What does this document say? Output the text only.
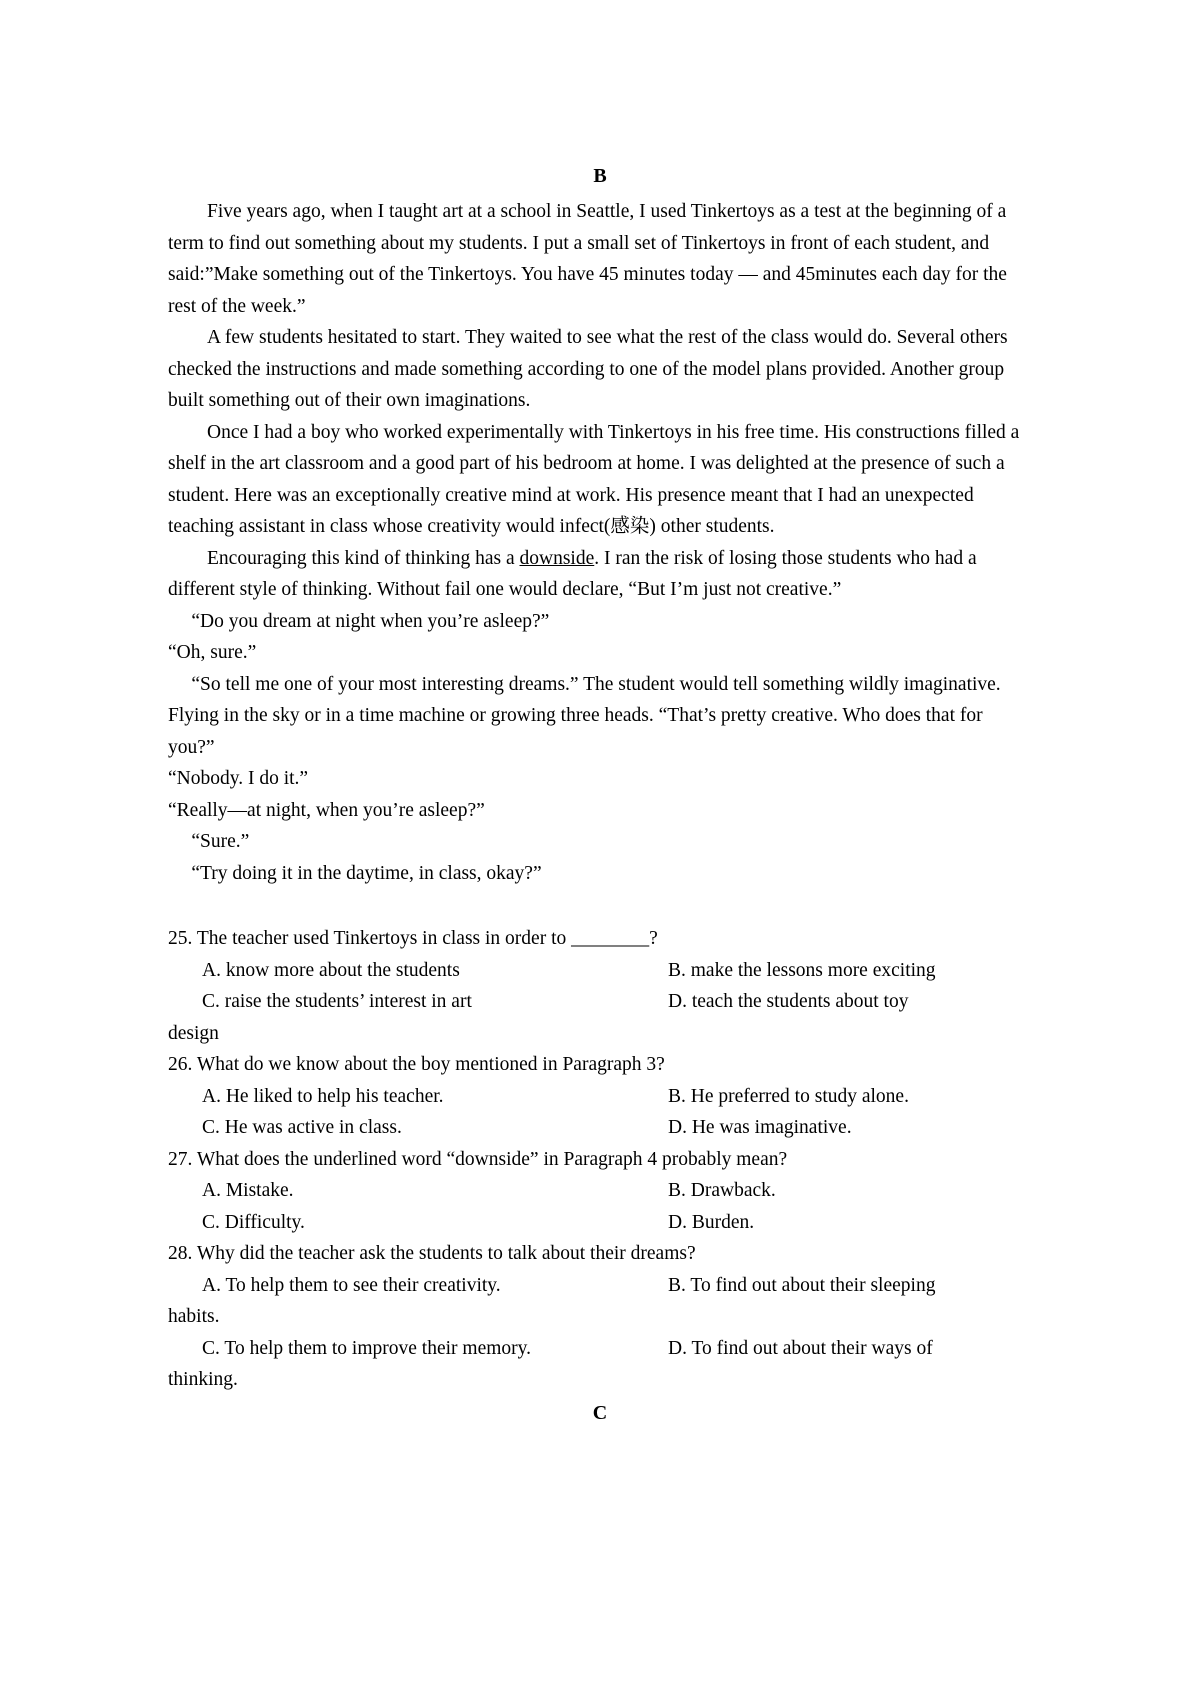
B

Five years ago, when I taught art at a school in Seattle, I used Tinkertoys as a test at the beginning of a term to find out something about my students. I put a small set of Tinkertoys in front of each student, and said:”Make something out of the Tinkertoys. You have 45 minutes today — and 45minutes each day for the rest of the week.”

A few students hesitated to start. They waited to see what the rest of the class would do. Several others checked the instructions and made something according to one of the model plans provided. Another group built something out of their own imaginations.

Once I had a boy who worked experimentally with Tinkertoys in his free time. His constructions filled a shelf in the art classroom and a good part of his bedroom at home. I was delighted at the presence of such a student. Here was an exceptionally creative mind at work. His presence meant that I had an unexpected teaching assistant in class whose creativity would infect(感染) other students.

Encouraging this kind of thinking has a downside. I ran the risk of losing those students who had a different style of thinking. Without fail one would declare, “But I’m just not creative.”

“Do you dream at night when you’re asleep?”

“Oh, sure.”

“So tell me one of your most interesting dreams.” The student would tell something wildly imaginative. Flying in the sky or in a time machine or growing three heads. “That’s pretty creative. Who does that for you?”

“Nobody. I do it.”

“Really—at night, when you’re asleep?”

“Sure.”

“Try doing it in the daytime, in class, okay?”

25. The teacher used Tinkertoys in class in order to ________?

A. know more about the students	B. make the lessons more exciting
C. raise the students’ interest in art	D. teach the students about toy
design

26. What do we know about the boy mentioned in Paragraph 3?

A. He liked to help his teacher.	B. He preferred to study alone.
C. He was active in class.	D. He was imaginative.

27. What does the underlined word “downside” in Paragraph 4 probably mean?

A. Mistake.	B. Drawback.
C. Difficulty.	D. Burden.

28. Why did the teacher ask the students to talk about their dreams?

A. To help them to see their creativity.	B. To find out about their sleeping
habits.
C. To help them to improve their memory.	D. To find out about their ways of
thinking.
C
